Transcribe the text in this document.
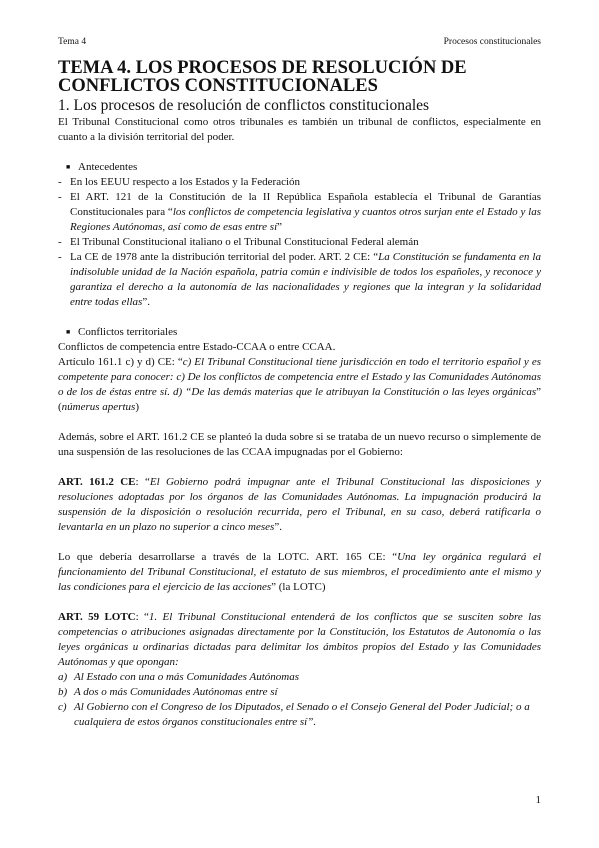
Tema 4	Procesos constitucionales
TEMA 4. LOS PROCESOS DE RESOLUCIÓN DE CONFLICTOS CONSTITUCIONALES
1. Los procesos de resolución de conflictos constitucionales

El Tribunal Constitucional como otros tribunales es también un tribunal de conflictos, especialmente en cuanto a la división territorial del poder.

■ Antecedentes
- En los EEUU respecto a los Estados y la Federación
- El ART. 121 de la Constitución de la II República Española establecía el Tribunal de Garantías Constitucionales para “los conflictos de competencia legislativa y cuantos otros surjan ente el Estado y las Regiones Autónomas, así como de esas entre sí”
- El Tribunal Constitucional italiano o el Tribunal Constitucional Federal alemán
- La CE de 1978 ante la distribución territorial del poder. ART. 2 CE: “La Constitución se fundamenta en la indisoluble unidad de la Nación española, patria común e indivisible de todos los españoles, y reconoce y garantiza el derecho a la autonomía de las nacionalidades y regiones que la integran y la solidaridad entre todas ellas”.
■ Conflictos territoriales

Conflictos de competencia entre Estado-CCAA o entre CCAA.

Artículo 161.1 c) y d) CE: “c) El Tribunal Constitucional tiene jurisdicción en todo el territorio español y es competente para conocer: c) De los conflictos de competencia entre el Estado y las Comunidades Autónomas o de los de éstas entre sí. d) “De las demás materias que le atribuyan la Constitución o las leyes orgánicas” (númerus apertus)

Además, sobre el ART. 161.2 CE se planteó la duda sobre si se trataba de un nuevo recurso o simplemente de una suspensión de las resoluciones de las CCAA impugnadas por el Gobierno:

ART. 161.2 CE: “El Gobierno podrá impugnar ante el Tribunal Constitucional las disposiciones y resoluciones adoptadas por los órganos de las Comunidades Autónomas. La impugnación producirá la suspensión de la disposición o resolución recurrida, pero el Tribunal, en su caso, deberá ratificarla o levantarla en un plazo no superior a cinco meses”.

Lo que debería desarrollarse a través de la LOTC. ART. 165 CE: “Una ley orgánica regulará el funcionamiento del Tribunal Constitucional, el estatuto de sus miembros, el procedimiento ante el mismo y las condiciones para el ejercicio de las acciones” (la LOTC)

ART. 59 LOTC: “1. El Tribunal Constitucional entenderá de los conflictos que se susciten sobre las competencias o atribuciones asignadas directamente por la Constitución, los Estatutos de Autonomía o las leyes orgánicas u ordinarias dictadas para delimitar los ámbitos propios del Estado y las Comunidades Autónomas y que opongan:

a) Al Estado con una o más Comunidades Autónomas
b) A dos o más Comunidades Autónomas entre sí
c) Al Gobierno con el Congreso de los Diputados, el Senado o el Consejo General del Poder Judicial; o a cualquiera de estos órganos constitucionales entre sí”.
1
